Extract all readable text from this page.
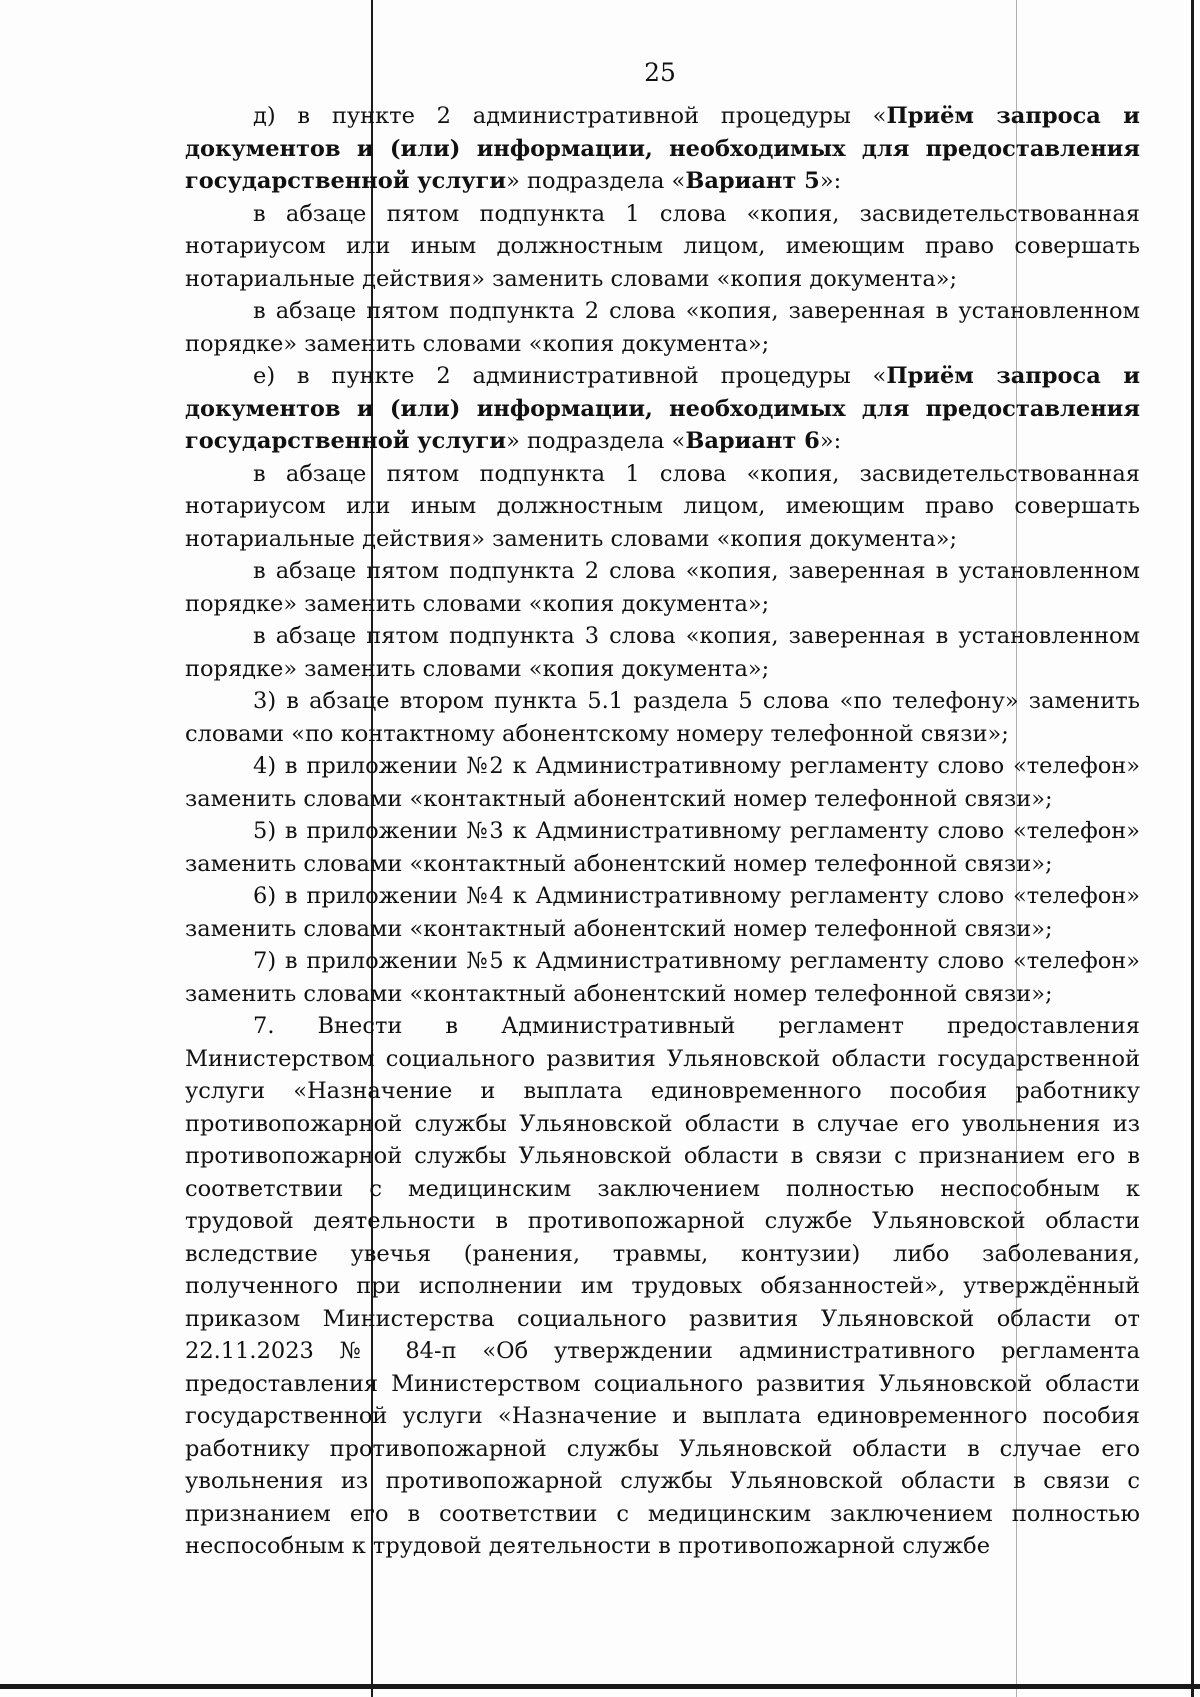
25

д) в пункте 2 административной процедуры «Приём запроса и документов и (или) информации, необходимых для предоставления государственной услуги» подраздела «Вариант 5»:

в абзаце пятом подпункта 1 слова «копия, засвидетельствованная нотариусом или иным должностным лицом, имеющим право совершать нотариальные действия» заменить словами «копия документа»;

в абзаце пятом подпункта 2 слова «копия, заверенная в установленном порядке» заменить словами «копия документа»;

е) в пункте 2 административной процедуры «Приём запроса и документов и (или) информации, необходимых для предоставления государственной услуги» подраздела «Вариант 6»:

в абзаце пятом подпункта 1 слова «копия, засвидетельствованная нотариусом или иным должностным лицом, имеющим право совершать нотариальные действия» заменить словами «копия документа»;

в абзаце пятом подпункта 2 слова «копия, заверенная в установленном порядке» заменить словами «копия документа»;

в абзаце пятом подпункта 3 слова «копия, заверенная в установленном порядке» заменить словами «копия документа»;

3) в абзаце втором пункта 5.1 раздела 5 слова «по телефону» заменить словами «по контактному абонентскому номеру телефонной связи»;

4) в приложении №2 к Административному регламенту слово «телефон» заменить словами «контактный абонентский номер телефонной связи»;

5) в приложении №3 к Административному регламенту слово «телефон» заменить словами «контактный абонентский номер телефонной связи»;

6) в приложении №4 к Административному регламенту слово «телефон» заменить словами «контактный абонентский номер телефонной связи»;

7) в приложении №5 к Административному регламенту слово «телефон» заменить словами «контактный абонентский номер телефонной связи»;

7. Внести в Административный регламент предоставления Министерством социального развития Ульяновской области государственной услуги «Назначение и выплата единовременного пособия работнику противопожарной службы Ульяновской области в случае его увольнения из противопожарной службы Ульяновской области в связи с признанием его в соответствии с медицинским заключением полностью неспособным к трудовой деятельности в противопожарной службе Ульяновской области вследствие увечья (ранения, травмы, контузии) либо заболевания, полученного при исполнении им трудовых обязанностей», утверждённый приказом Министерства социального развития Ульяновской области от 22.11.2023 № 84-п «Об утверждении административного регламента предоставления Министерством социального развития Ульяновской области государственной услуги «Назначение и выплата единовременного пособия работнику противопожарной службы Ульяновской области в случае его увольнения из противопожарной службы Ульяновской области в связи с признанием его в соответствии с медицинским заключением полностью неспособным к трудовой деятельности в противопожарной службе
